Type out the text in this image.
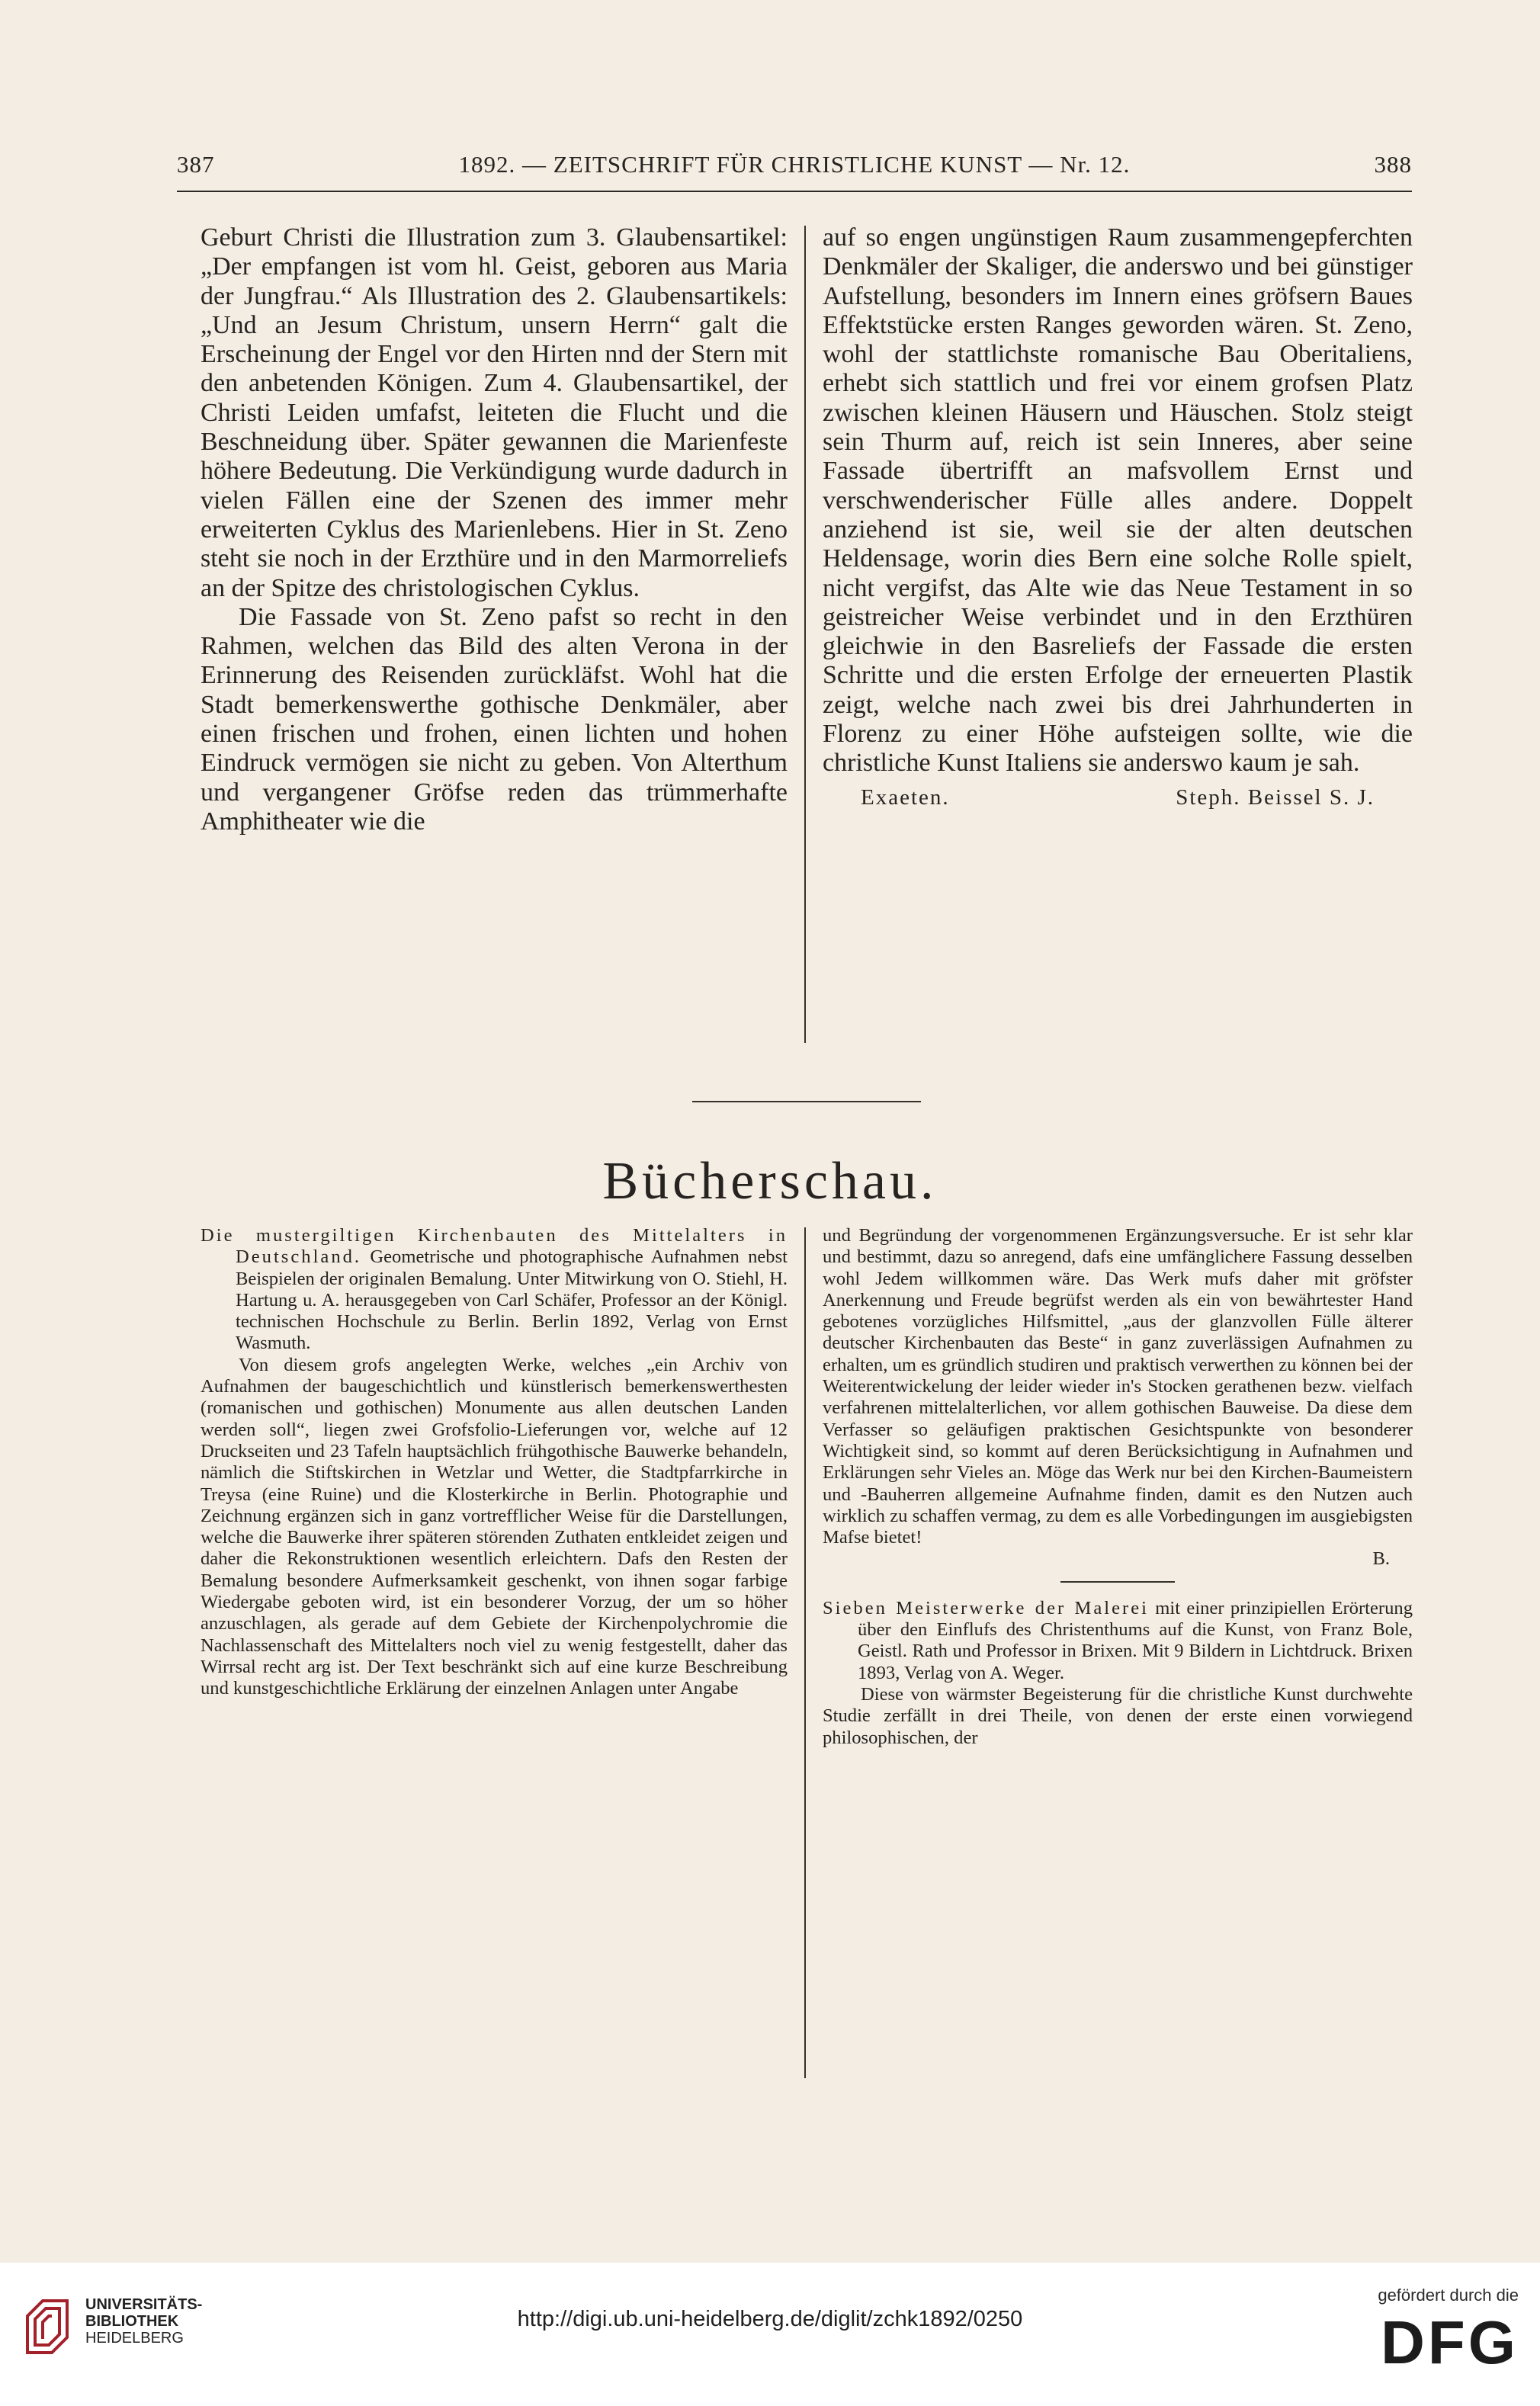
387	1892. — ZEITSCHRIFT FÜR CHRISTLICHE KUNST — Nr. 12.	388

Geburt Christi die Illustration zum 3. Glaubensartikel: „Der empfangen ist vom hl. Geist, geboren aus Maria der Jungfrau.“ Als Illustration des 2. Glaubensartikels: „Und an Jesum Christum, unsern Herrn“ galt die Erscheinung der Engel vor den Hirten nnd der Stern mit den anbetenden Königen. Zum 4. Glaubensartikel, der Christi Leiden umfafst, leiteten die Flucht und die Beschneidung über. Später gewannen die Marienfeste höhere Bedeutung. Die Verkündigung wurde dadurch in vielen Fällen eine der Szenen des immer mehr erweiterten Cyklus des Marienlebens. Hier in St. Zeno steht sie noch in der Erzthüre und in den Marmorreliefs an der Spitze des christologischen Cyklus.

Die Fassade von St. Zeno pafst so recht in den Rahmen, welchen das Bild des alten Verona in der Erinnerung des Reisenden zurückläfst. Wohl hat die Stadt bemerkenswerthe gothische Denkmäler, aber einen frischen und frohen, einen lichten und hohen Eindruck vermögen sie nicht zu geben. Von Alterthum und vergangener Gröfse reden das trümmerhafte Amphitheater wie die

auf so engen ungünstigen Raum zusammengepferchten Denkmäler der Skaliger, die anderswo und bei günstiger Aufstellung, besonders im Innern eines gröfsern Baues Effektstücke ersten Ranges geworden wären. St. Zeno, wohl der stattlichste romanische Bau Oberitaliens, erhebt sich stattlich und frei vor einem grofsen Platz zwischen kleinen Häusern und Häuschen. Stolz steigt sein Thurm auf, reich ist sein Inneres, aber seine Fassade übertrifft an mafsvollem Ernst und verschwenderischer Fülle alles andere. Doppelt anziehend ist sie, weil sie der alten deutschen Heldensage, worin dies Bern eine solche Rolle spielt, nicht vergifst, das Alte wie das Neue Testament in so geistreicher Weise verbindet und in den Erzthüren gleichwie in den Basreliefs der Fassade die ersten Schritte und die ersten Erfolge der erneuerten Plastik zeigt, welche nach zwei bis drei Jahrhunderten in Florenz zu einer Höhe aufsteigen sollte, wie die christliche Kunst Italiens sie anderswo kaum je sah.

Exaeten.	Steph. Beissel S. J.
Bücherschau.

Die mustergiltigen Kirchenbauten des Mittelalters in Deutschland. Geometrische und photographische Aufnahmen nebst Beispielen der originalen Bemalung. Unter Mitwirkung von O. Stiehl, H. Hartung u. A. herausgegeben von Carl Schäfer, Professor an der Königl. technischen Hochschule zu Berlin. Berlin 1892, Verlag von Ernst Wasmuth.

Von diesem grofs angelegten Werke, welches „ein Archiv von Aufnahmen der baugeschichtlich und künstlerisch bemerkenswerthesten (romanischen und gothischen) Monumente aus allen deutschen Landen werden soll“, liegen zwei Grofsfolio-Lieferungen vor, welche auf 12 Druckseiten und 23 Tafeln hauptsächlich frühgothische Bauwerke behandeln, nämlich die Stiftskirchen in Wetzlar und Wetter, die Stadtpfarrkirche in Treysa (eine Ruine) und die Klosterkirche in Berlin. Photographie und Zeichnung ergänzen sich in ganz vortrefflicher Weise für die Darstellungen, welche die Bauwerke ihrer späteren störenden Zuthaten entkleidet zeigen und daher die Rekonstruktionen wesentlich erleichtern. Dafs den Resten der Bemalung besondere Aufmerksamkeit geschenkt, von ihnen sogar farbige Wiedergabe geboten wird, ist ein besonderer Vorzug, der um so höher anzuschlagen, als gerade auf dem Gebiete der Kirchenpolychromie die Nachlassenschaft des Mittelalters noch viel zu wenig festgestellt, daher das Wirrsal recht arg ist. Der Text beschränkt sich auf eine kurze Beschreibung und kunstgeschichtliche Erklärung der einzelnen Anlagen unter Angabe

und Begründung der vorgenommenen Ergänzungsversuche. Er ist sehr klar und bestimmt, dazu so anregend, dafs eine umfänglichere Fassung desselben wohl Jedem willkommen wäre. Das Werk mufs daher mit gröfster Anerkennung und Freude begrüfst werden als ein von bewährtester Hand gebotenes vorzügliches Hilfsmittel, „aus der glanzvollen Fülle älterer deutscher Kirchenbauten das Beste“ in ganz zuverlässigen Aufnahmen zu erhalten, um es gründlich studiren und praktisch verwerthen zu können bei der Weiterentwickelung der leider wieder in's Stocken gerathenen bezw. vielfach verfahrenen mittelalterlichen, vor allem gothischen Bauweise. Da diese dem Verfasser so geläufigen praktischen Gesichtspunkte von besonderer Wichtigkeit sind, so kommt auf deren Berücksichtigung in Aufnahmen und Erklärungen sehr Vieles an. Möge das Werk nur bei den Kirchen-Baumeistern und -Bauherren allgemeine Aufnahme finden, damit es den Nutzen auch wirklich zu schaffen vermag, zu dem es alle Vorbedingungen im ausgiebigsten Mafse bietet!

B.

Sieben Meisterwerke der Malerei mit einer prinzipiellen Erörterung über den Einflufs des Christenthums auf die Kunst, von Franz Bole, Geistl. Rath und Professor in Brixen. Mit 9 Bildern in Lichtdruck. Brixen 1893, Verlag von A. Weger.

Diese von wärmster Begeisterung für die christliche Kunst durchwehte Studie zerfällt in drei Theile, von denen der erste einen vorwiegend philosophischen, der

UNIVERSITÄTS-
BIBLIOTHEK
HEIDELBERG
http://digi.ub.uni-heidelberg.de/diglit/zchk1892/0250
gefördert durch die
DFG
